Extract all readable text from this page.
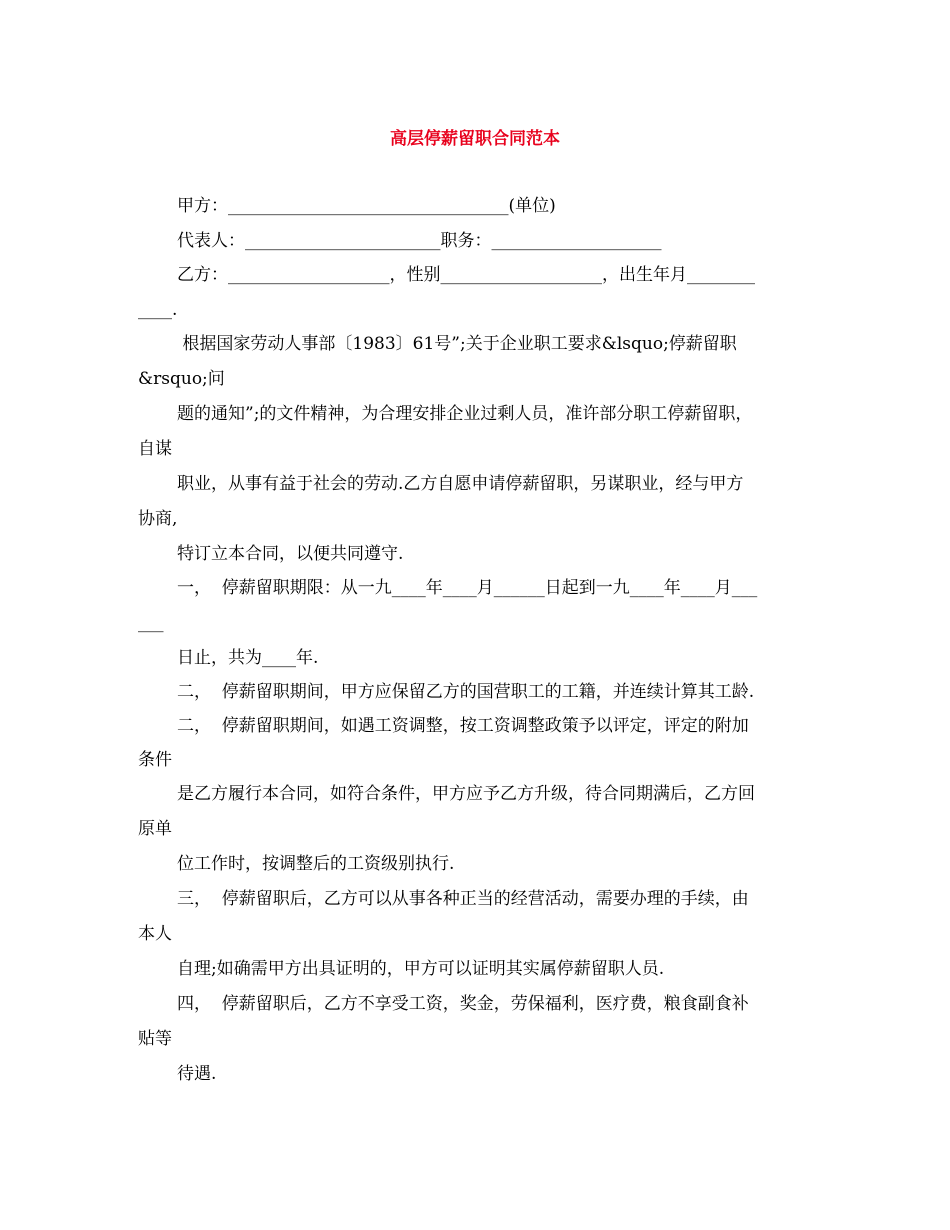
高层停薪留职合同范本

甲方：_________________________________(单位)

代表人：_______________________职务：____________________

乙方：___________________，性别___________________，出生年月________

____.

根据国家劳动人事部〔1983〕61号”;关于企业职工要求&lsquo;停薪留职

&rsquo;问

题的通知”;的文件精神，为合理安排企业过剩人员，准许部分职工停薪留职，

自谋

职业，从事有益于社会的劳动.乙方自愿申请停薪留职，另谋职业，经与甲方

协商,

特订立本合同，以便共同遵守.

一，  停薪留职期限：从一九____年____月______日起到一九____年____月___

___

日止，共为____年.

二，  停薪留职期间，甲方应保留乙方的国营职工的工籍，并连续计算其工龄.

二，  停薪留职期间，如遇工资调整，按工资调整政策予以评定，评定的附加

条件

是乙方履行本合同，如符合条件，甲方应予乙方升级，待合同期满后，乙方回

原单

位工作时，按调整后的工资级别执行.

三，  停薪留职后，乙方可以从事各种正当的经营活动，需要办理的手续，由

本人

自理;如确需甲方出具证明的，甲方可以证明其实属停薪留职人员.

四，  停薪留职后，乙方不享受工资，奖金，劳保福利，医疗费，粮食副食补

贴等

待遇.
